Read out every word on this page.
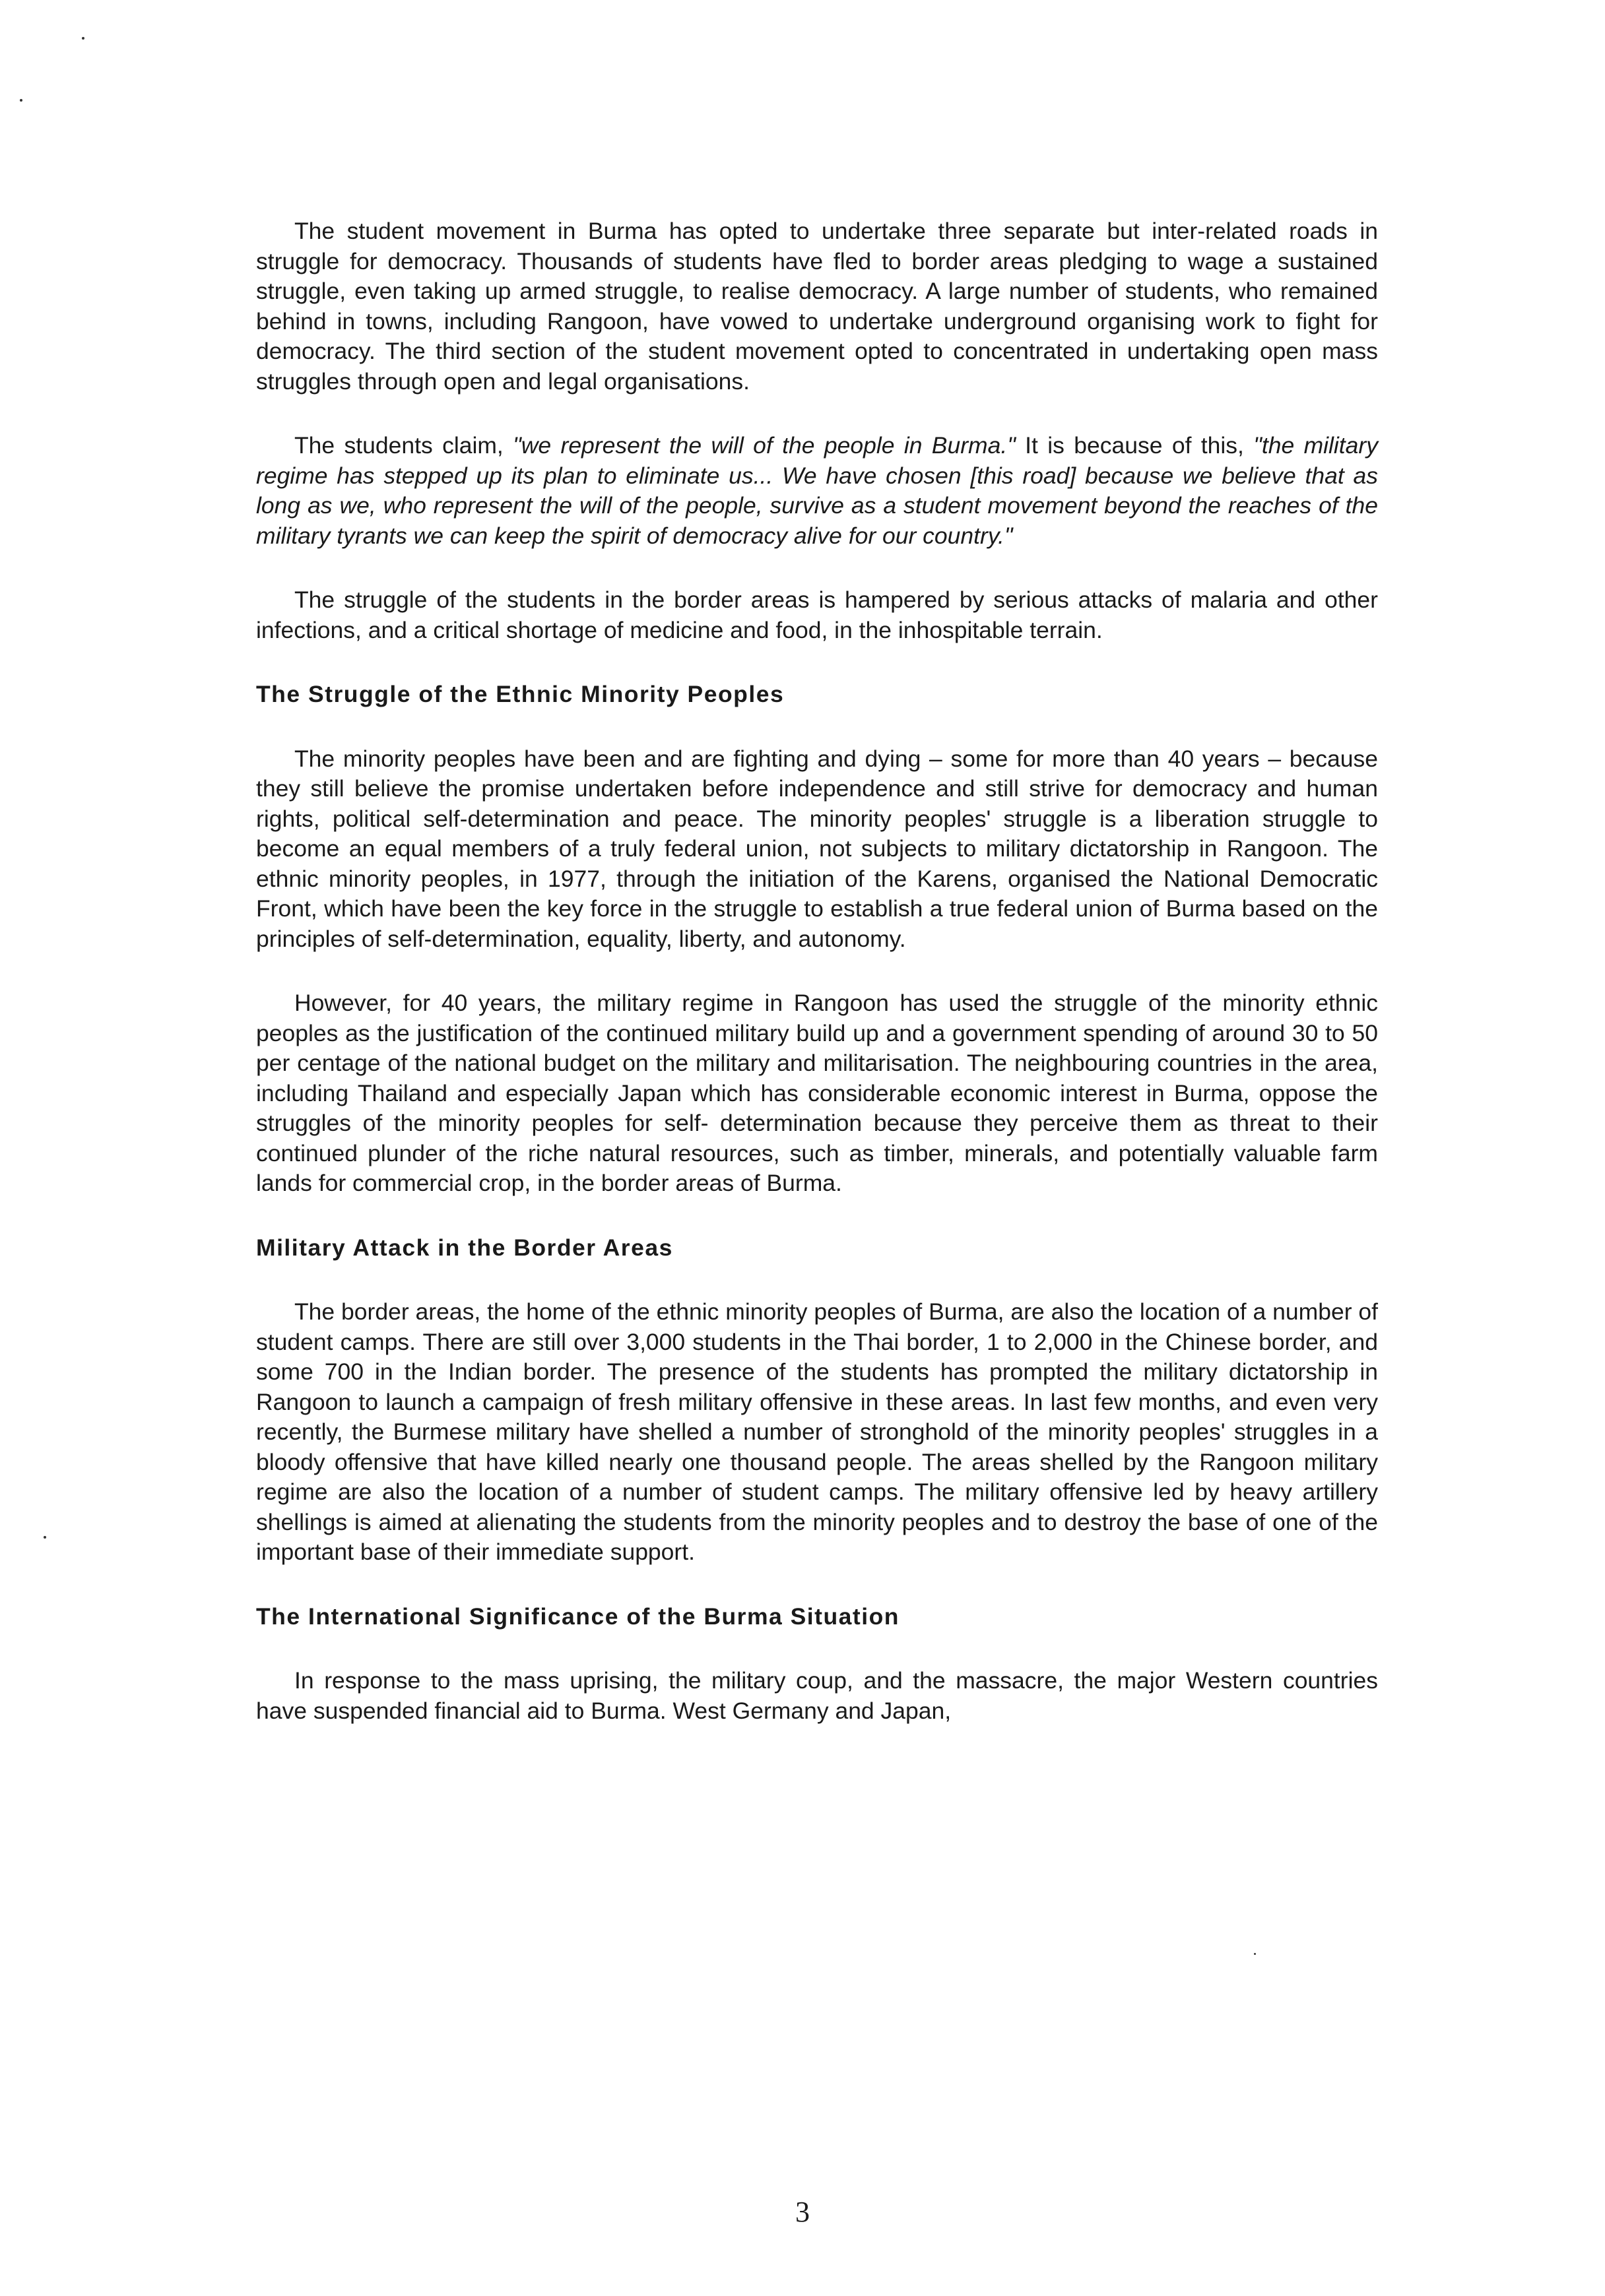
The student movement in Burma has opted to undertake three separate but inter-related roads in struggle for democracy. Thousands of students have fled to border areas pledging to wage a sustained struggle, even taking up armed struggle, to realise democracy. A large number of students, who remained behind in towns, including Rangoon, have vowed to undertake underground organising work to fight for democracy. The third section of the student movement opted to concentrated in undertaking open mass struggles through open and legal organisations.

The students claim, "we represent the will of the people in Burma." It is because of this, "the military regime has stepped up its plan to eliminate us... We have chosen [this road] because we believe that as long as we, who represent the will of the people, survive as a student movement beyond the reaches of the military tyrants we can keep the spirit of democracy alive for our country."

The struggle of the students in the border areas is hampered by serious attacks of malaria and other infections, and a critical shortage of medicine and food, in the inhospitable terrain.

The Struggle of the Ethnic Minority Peoples

The minority peoples have been and are fighting and dying – some for more than 40 years – because they still believe the promise undertaken before independence and still strive for democracy and human rights, political self-determination and peace. The minority peoples' struggle is a liberation struggle to become an equal members of a truly federal union, not subjects to military dictatorship in Rangoon. The ethnic minority peoples, in 1977, through the initiation of the Karens, organised the National Democratic Front, which have been the key force in the struggle to establish a true federal union of Burma based on the principles of self-determination, equality, liberty, and autonomy.

However, for 40 years, the military regime in Rangoon has used the struggle of the minority ethnic peoples as the justification of the continued military build up and a government spending of around 30 to 50 per centage of the national budget on the military and militarisation. The neighbouring countries in the area, including Thailand and especially Japan which has considerable economic interest in Burma, oppose the struggles of the minority peoples for self- determination because they perceive them as threat to their continued plunder of the riche natural resources, such as timber, minerals, and potentially valuable farm lands for commercial crop, in the border areas of Burma.

Military Attack in the Border Areas

The border areas, the home of the ethnic minority peoples of Burma, are also the location of a number of student camps. There are still over 3,000 students in the Thai border, 1 to 2,000 in the Chinese border, and some 700 in the Indian border. The presence of the students has prompted the military dictatorship in Rangoon to launch a campaign of fresh military offensive in these areas. In last few months, and even very recently, the Burmese military have shelled a number of stronghold of the minority peoples' struggles in a bloody offensive that have killed nearly one thousand people. The areas shelled by the Rangoon military regime are also the location of a number of student camps. The military offensive led by heavy artillery shellings is aimed at alienating the students from the minority peoples and to destroy the base of one of the important base of their immediate support.

The International Significance of the Burma Situation

In response to the mass uprising, the military coup, and the massacre, the major Western countries have suspended financial aid to Burma. West Germany and Japan,

3
